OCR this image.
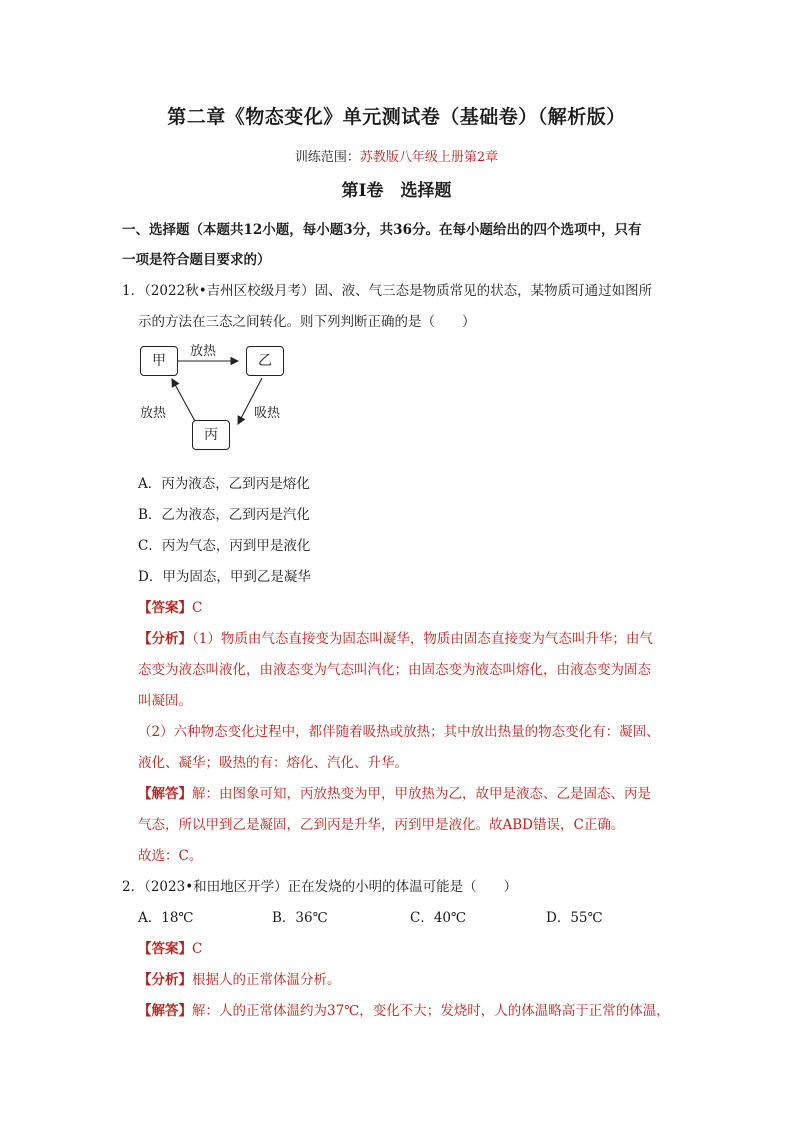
第二章《物态变化》单元测试卷（基础卷）（解析版）
训练范围：苏教版八年级上册第2章
第Ⅰ卷　选择题
一、选择题（本题共12小题，每小题3分，共36分。在每小题给出的四个选项中，只有
一项是符合题目要求的）
1．（2022秋•吉州区校级月考）固、液、气三态是物质常见的状态，某物质可通过如图所
示的方法在三态之间转化。则下列判断正确的是（　　）
甲	乙
丙
放热
吸热
放热
A．丙为液态，乙到丙是熔化
B．乙为液态，乙到丙是汽化
C．丙为气态，丙到甲是液化
D．甲为固态，甲到乙是凝华
【答案】C
【分析】（1）物质由气态直接变为固态叫凝华，物质由固态直接变为气态叫升华；由气
态变为液态叫液化，由液态变为气态叫汽化；由固态变为液态叫熔化，由液态变为固态
叫凝固。
（2）六种物态变化过程中，都伴随着吸热或放热；其中放出热量的物态变化有：凝固、
液化、凝华；吸热的有：熔化、汽化、升华。
【解答】解：由图象可知，丙放热变为甲，甲放热为乙，故甲是液态、乙是固态、丙是
气态，所以甲到乙是凝固，乙到丙是升华，丙到甲是液化。故ABD错误，C正确。
故选：C。
2．（2023•和田地区开学）正在发烧的小明的体温可能是（　　）
A．18℃	B．36℃	C．40℃	D．55℃
【答案】C
【分析】根据人的正常体温分析。
【解答】解：人的正常体温约为37℃，变化不大；发烧时，人的体温略高于正常的体温，
